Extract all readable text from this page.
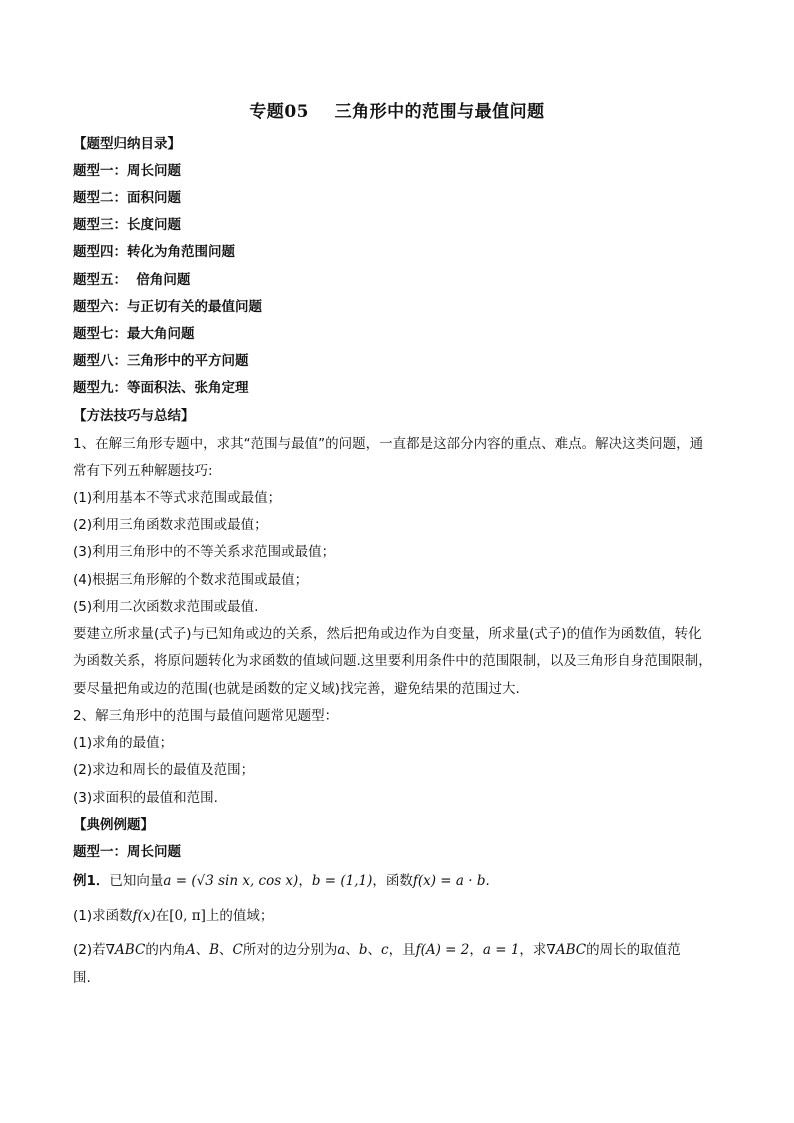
专题05 三角形中的范围与最值问题
【题型归纳目录】
题型一：周长问题
题型二：面积问题
题型三：长度问题
题型四：转化为角范围问题
题型五：  倍角问题
题型六：与正切有关的最值问题
题型七：最大角问题
题型八：三角形中的平方问题
题型九：等面积法、张角定理
【方法技巧与总结】
1、在解三角形专题中，求其“范围与最值”的问题，一直都是这部分内容的重点、难点。解决这类问题，通
常有下列五种解题技巧:
(1)利用基本不等式求范围或最值；
(2)利用三角函数求范围或最值；
(3)利用三角形中的不等关系求范围或最值；
(4)根据三角形解的个数求范围或最值；
(5)利用二次函数求范围或最值.
要建立所求量(式子)与已知角或边的关系，然后把角或边作为自变量，所求量(式子)的值作为函数值，转化
为函数关系，将原问题转化为求函数的值域问题.这里要利用条件中的范围限制，以及三角形自身范围限制，
要尽量把角或边的范围(也就是函数的定义域)找完善，避免结果的范围过大.
2、解三角形中的范围与最值问题常见题型：
(1)求角的最值；
(2)求边和周长的最值及范围；
(3)求面积的最值和范围.
【典例例题】
题型一：周长问题
例1．已知向量a = (√3 sin x, cos x)，b = (1,1)，函数f(x) = a · b．
(1)求函数f(x)在[0, π]上的值域；
(2)若∇ABC的内角A、B、C所对的边分别为a、b、c，且f(A) = 2，a = 1，求∇ABC的周长的取值范
围.
